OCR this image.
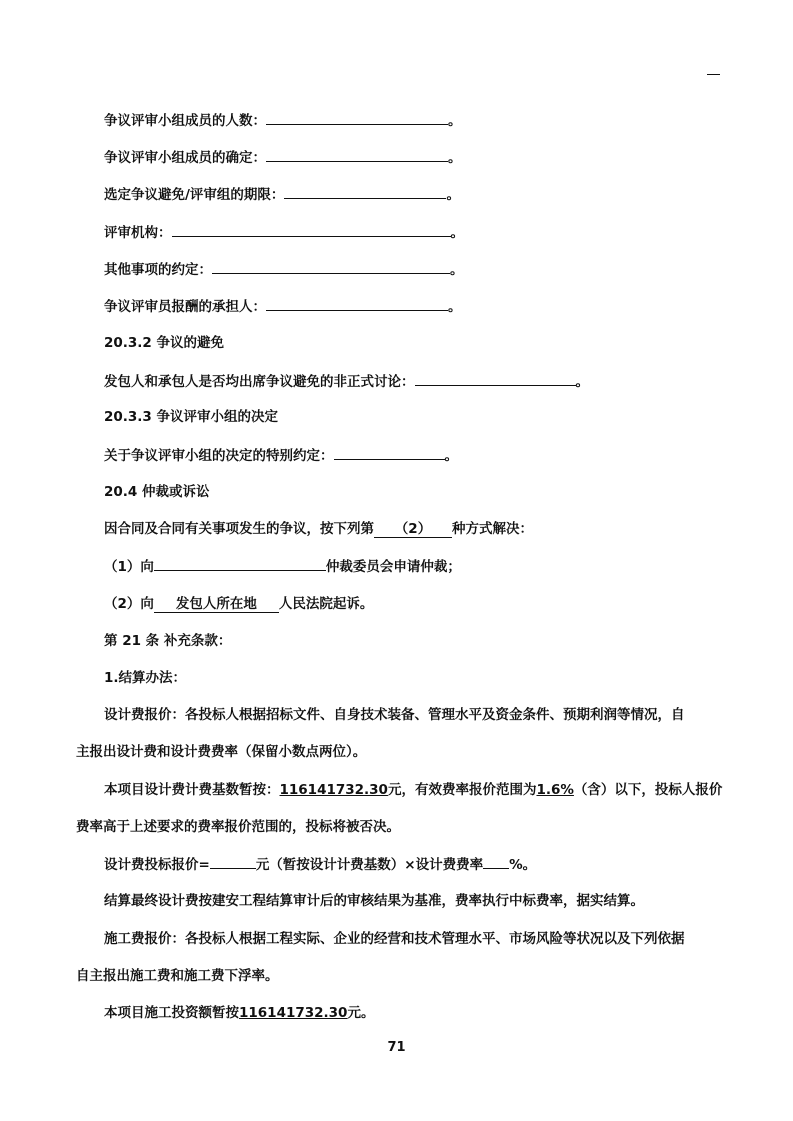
争议评审小组成员的人数：	。
争议评审小组成员的确定：	。
选定争议避免/评审组的期限：	。
评审机构：	。
其他事项的约定：	。
争议评审员报酬的承担人：	。
20.3.2 争议的避免
发包人和承包人是否均出席争议避免的非正式讨论：	。
20.3.3 争议评审小组的决定
关于争议评审小组的决定的特别约定：	。
20.4 仲裁或诉讼
因合同及合同有关事项发生的争议，按下列第 （2） 种方式解决：
（1）向	仲裁委员会申请仲裁；
（2）向 发包人所在地 人民法院起诉。
第 21 条 补充条款：
1.结算办法：
设计费报价：各投标人根据招标文件、自身技术装备、管理水平及资金条件、预期利润等情况，自
主报出设计费和设计费费率（保留小数点两位）。
本项目设计费计费基数暂按：116141732.30元，有效费率报价范围为1.6%（含）以下，投标人报价
费率高于上述要求的费率报价范围的，投标将被否决。
设计费投标报价=	元（暂按设计计费基数）×设计费费率 %。
结算最终设计费按建安工程结算审计后的审核结果为基准，费率执行中标费率，据实结算。
施工费报价：各投标人根据工程实际、企业的经营和技术管理水平、市场风险等状况以及下列依据
自主报出施工费和施工费下浮率。
本项目施工投资额暂按116141732.30元。
71
